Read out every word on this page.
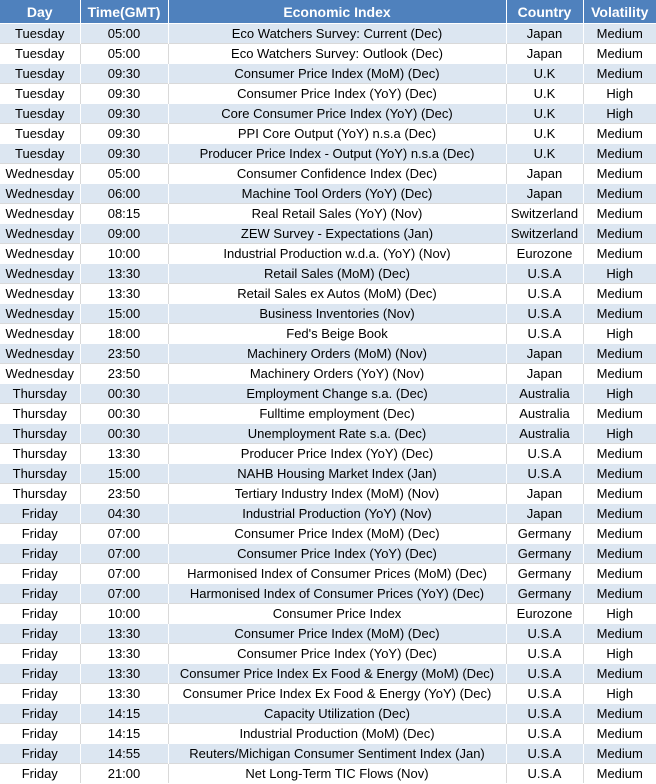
Day	Time(GMT)	Economic Index	Country	Volatility
Tuesday	05:00	Eco Watchers Survey: Current (Dec)	Japan	Medium
Tuesday	05:00	Eco Watchers Survey: Outlook (Dec)	Japan	Medium
Tuesday	09:30	Consumer Price Index (MoM) (Dec)	U.K	Medium
Tuesday	09:30	Consumer Price Index (YoY) (Dec)	U.K	High
Tuesday	09:30	Core Consumer Price Index (YoY) (Dec)	U.K	High
Tuesday	09:30	PPI Core Output (YoY) n.s.a (Dec)	U.K	Medium
Tuesday	09:30	Producer Price Index - Output (YoY) n.s.a (Dec)	U.K	Medium
Wednesday	05:00	Consumer Confidence Index (Dec)	Japan	Medium
Wednesday	06:00	Machine Tool Orders (YoY) (Dec)	Japan	Medium
Wednesday	08:15	Real Retail Sales (YoY) (Nov)	Switzerland	Medium
Wednesday	09:00	ZEW Survey - Expectations (Jan)	Switzerland	Medium
Wednesday	10:00	Industrial Production w.d.a. (YoY) (Nov)	Eurozone	Medium
Wednesday	13:30	Retail Sales (MoM) (Dec)	U.S.A	High
Wednesday	13:30	Retail Sales ex Autos (MoM) (Dec)	U.S.A	Medium
Wednesday	15:00	Business Inventories (Nov)	U.S.A	Medium
Wednesday	18:00	Fed's Beige Book	U.S.A	High
Wednesday	23:50	Machinery Orders (MoM) (Nov)	Japan	Medium
Wednesday	23:50	Machinery Orders (YoY) (Nov)	Japan	Medium
Thursday	00:30	Employment Change s.a. (Dec)	Australia	High
Thursday	00:30	Fulltime employment (Dec)	Australia	Medium
Thursday	00:30	Unemployment Rate s.a. (Dec)	Australia	High
Thursday	13:30	Producer Price Index (YoY) (Dec)	U.S.A	Medium
Thursday	15:00	NAHB Housing Market Index (Jan)	U.S.A	Medium
Thursday	23:50	Tertiary Industry Index (MoM) (Nov)	Japan	Medium
Friday	04:30	Industrial Production (YoY) (Nov)	Japan	Medium
Friday	07:00	Consumer Price Index (MoM) (Dec)	Germany	Medium
Friday	07:00	Consumer Price Index (YoY) (Dec)	Germany	Medium
Friday	07:00	Harmonised Index of Consumer Prices (MoM) (Dec)	Germany	Medium
Friday	07:00	Harmonised Index of Consumer Prices (YoY) (Dec)	Germany	Medium
Friday	10:00	Consumer Price Index	Eurozone	High
Friday	13:30	Consumer Price Index (MoM) (Dec)	U.S.A	Medium
Friday	13:30	Consumer Price Index (YoY) (Dec)	U.S.A	High
Friday	13:30	Consumer Price Index Ex Food & Energy (MoM) (Dec)	U.S.A	Medium
Friday	13:30	Consumer Price Index Ex Food & Energy (YoY) (Dec)	U.S.A	High
Friday	14:15	Capacity Utilization (Dec)	U.S.A	Medium
Friday	14:15	Industrial Production (MoM) (Dec)	U.S.A	Medium
Friday	14:55	Reuters/Michigan Consumer Sentiment Index (Jan)	U.S.A	Medium
Friday	21:00	Net Long-Term TIC Flows (Nov)	U.S.A	Medium
